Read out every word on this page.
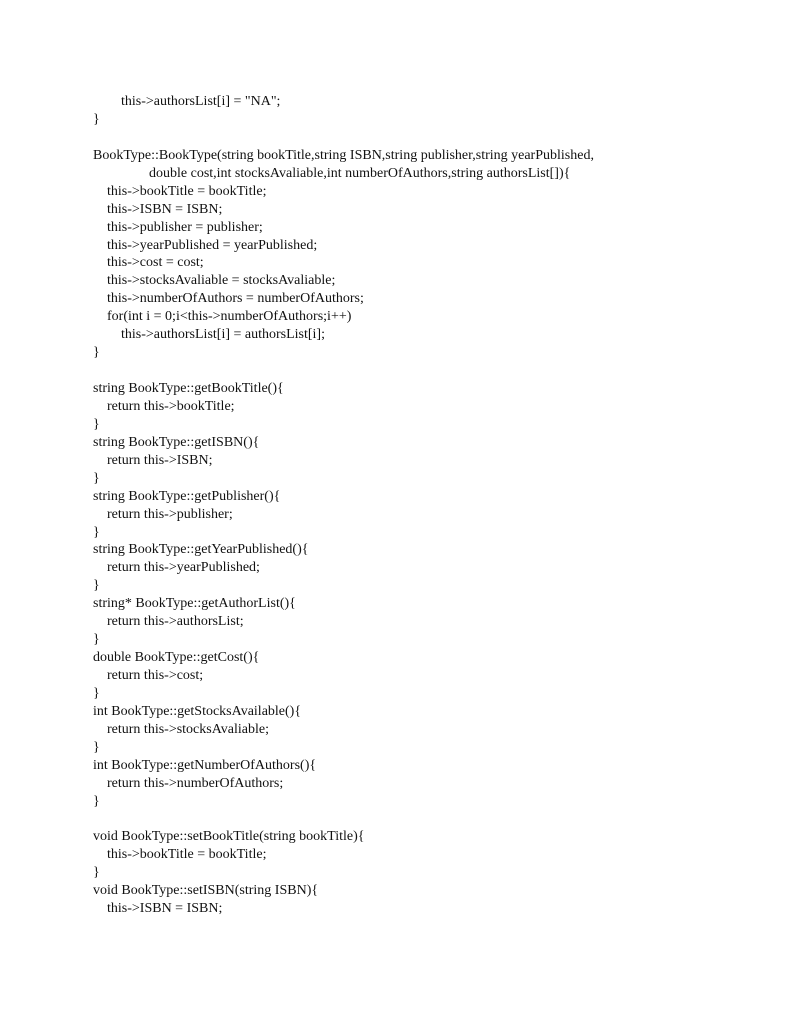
this->authorsList[i] = "NA";
}
BookType::BookType(string bookTitle,string ISBN,string publisher,string yearPublished,
double cost,int stocksAvaliable,int numberOfAuthors,string authorsList[]){
this->bookTitle = bookTitle;
this->ISBN = ISBN;
this->publisher = publisher;
this->yearPublished = yearPublished;
this->cost = cost;
this->stocksAvaliable = stocksAvaliable;
this->numberOfAuthors = numberOfAuthors;
for(int i = 0;i<this->numberOfAuthors;i++)
this->authorsList[i] = authorsList[i];
}
string BookType::getBookTitle(){
return this->bookTitle;
}
string BookType::getISBN(){
return this->ISBN;
}
string BookType::getPublisher(){
return this->publisher;
}
string BookType::getYearPublished(){
return this->yearPublished;
}
string* BookType::getAuthorList(){
return this->authorsList;
}
double BookType::getCost(){
return this->cost;
}
int BookType::getStocksAvailable(){
return this->stocksAvaliable;
}
int BookType::getNumberOfAuthors(){
return this->numberOfAuthors;
}
void BookType::setBookTitle(string bookTitle){
this->bookTitle = bookTitle;
}
void BookType::setISBN(string ISBN){
this->ISBN = ISBN;
